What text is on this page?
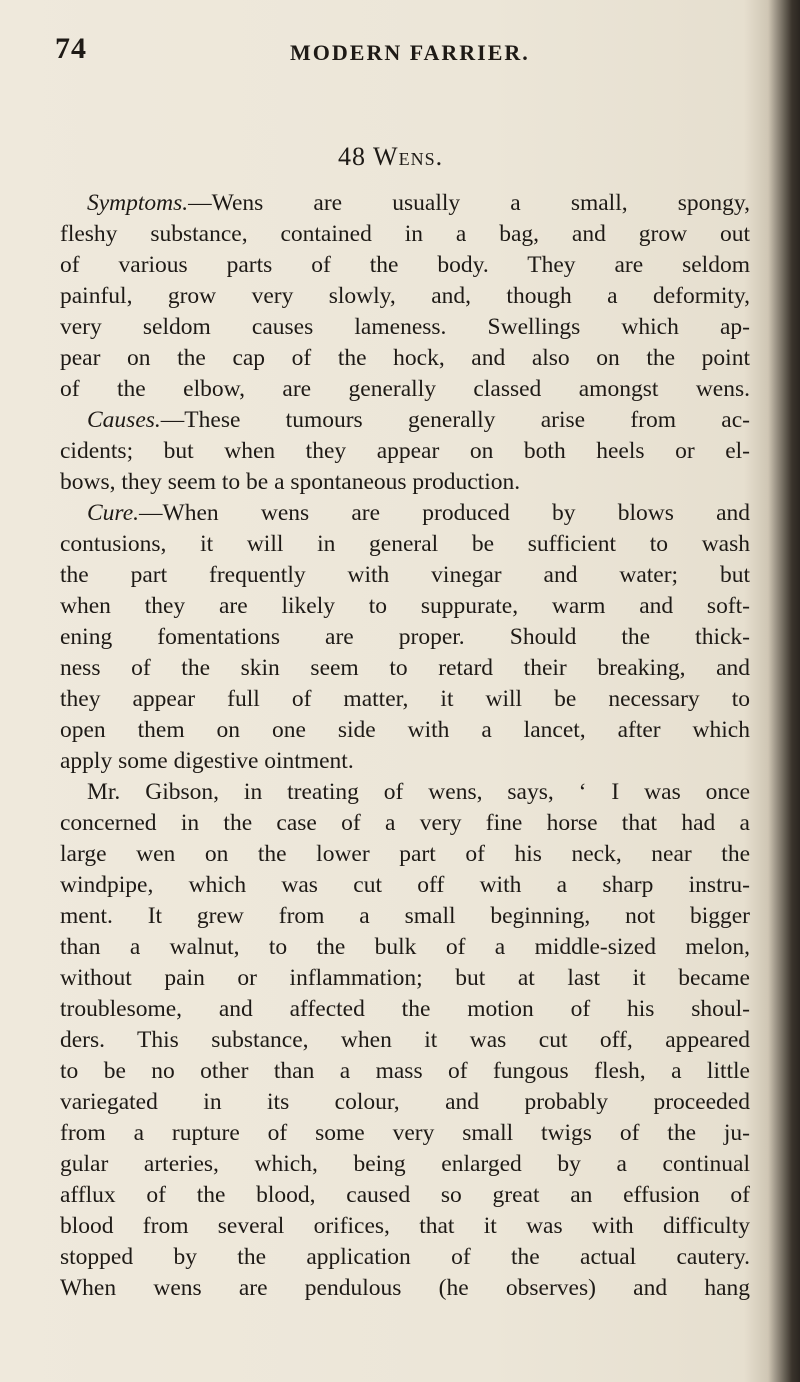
74	MODERN FARRIER.
48 Wens.
Symptoms.—Wens are usually a small, spongy,
fleshy substance, contained in a bag, and grow out
of various parts of the body. They are seldom
painful, grow very slowly, and, though a deformity,
very seldom causes lameness. Swellings which ap-
pear on the cap of the hock, and also on the point
of the elbow, are generally classed amongst wens.
Causes.—These tumours generally arise from ac-
cidents; but when they appear on both heels or el-
bows, they seem to be a spontaneous production.
Cure.—When wens are produced by blows and
contusions, it will in general be sufficient to wash
the part frequently with vinegar and water; but
when they are likely to suppurate, warm and soft-
ening fomentations are proper. Should the thick-
ness of the skin seem to retard their breaking, and
they appear full of matter, it will be necessary to
open them on one side with a lancet, after which
apply some digestive ointment.
Mr. Gibson, in treating of wens, says, ‘ I was once
concerned in the case of a very fine horse that had a
large wen on the lower part of his neck, near the
windpipe, which was cut off with a sharp instru-
ment. It grew from a small beginning, not bigger
than a walnut, to the bulk of a middle-sized melon,
without pain or inflammation; but at last it became
troublesome, and affected the motion of his shoul-
ders. This substance, when it was cut off, appeared
to be no other than a mass of fungous flesh, a little
variegated in its colour, and probably proceeded
from a rupture of some very small twigs of the ju-
gular arteries, which, being enlarged by a continual
afflux of the blood, caused so great an effusion of
blood from several orifices, that it was with difficulty
stopped by the application of the actual cautery.
When wens are pendulous (he observes) and hang
